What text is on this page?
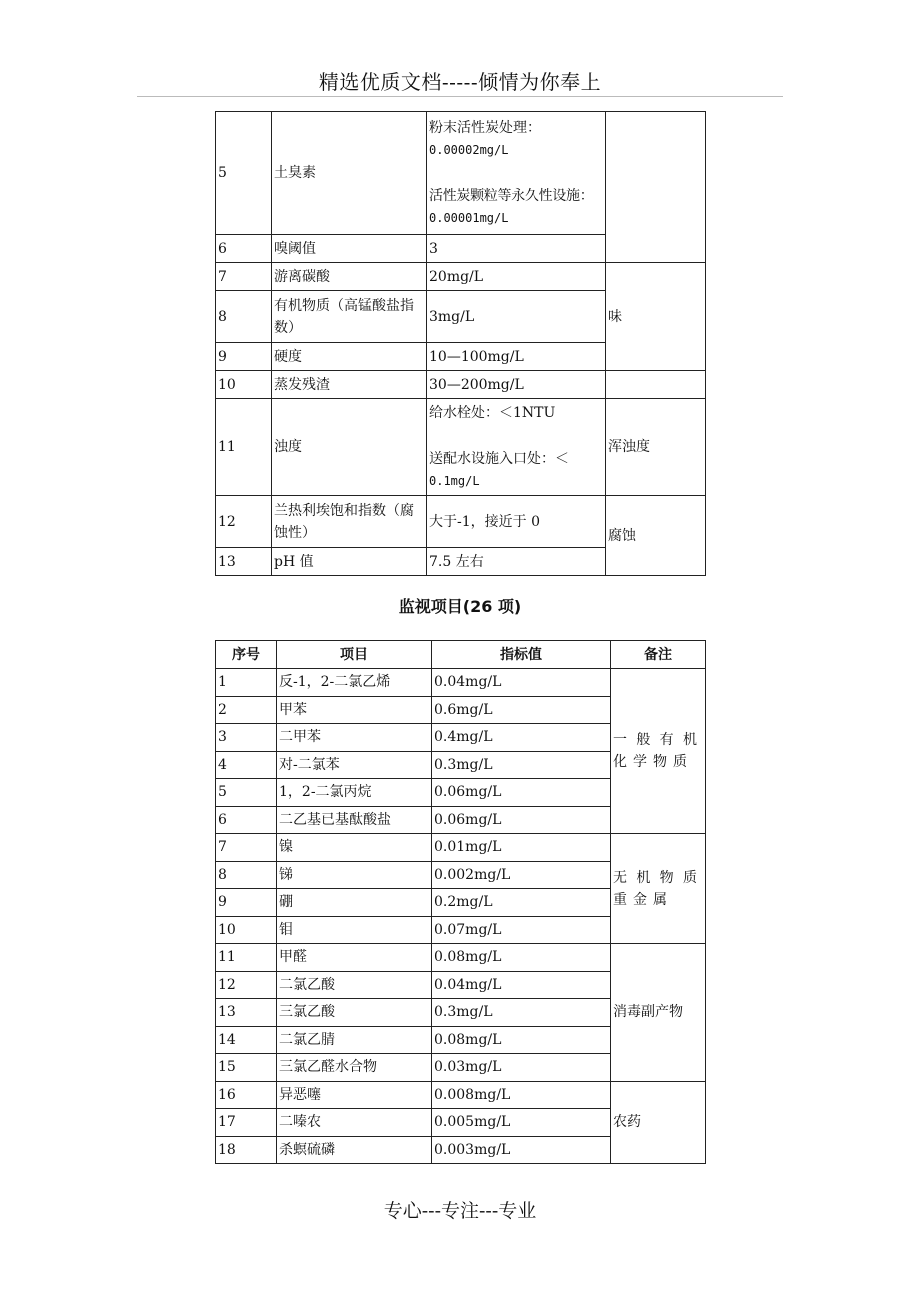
精选优质文档-----倾情为你奉上
5	土臭素	粉末活性炭处理：
0.00002mg/L
活性炭颗粒等永久性设施：
0.00001mg/L	

6	嗅阈值	3	
7	游离碳酸	20mg/L	味
8	有机物质（高锰酸盐指数）	3mg/L	
9	硬度	10—100mg/L	
10	蒸发残渣	30—200mg/L	
11	浊度	给水栓处：＜1NTU
送配水设施入口处：＜
0.1mg/L	浑浊度
12	兰热利埃饱和指数（腐蚀性）	大于-1，接近于 0	腐蚀
13	pH 值	7.5 左右	
监视项目(26 项)
序号	项目	指标值	备注
1	反-1，2-二氯乙烯	0.04mg/L	一般有机化学物质

2	甲苯	0.6mg/L	
3	二甲苯	0.4mg/L	
4	对-二氯苯	0.3mg/L	
5	1，2-二氯丙烷	0.06mg/L	
6	二乙基已基酞酸盐	0.06mg/L	
7	镍	0.01mg/L	无机物质重金属

8	锑	0.002mg/L	
9	硼	0.2mg/L	
10	钼	0.07mg/L	
11	甲醛	0.08mg/L	消毒副产物
12	二氯乙酸	0.04mg/L	
13	三氯乙酸	0.3mg/L	
14	二氯乙腈	0.08mg/L	
15	三氯乙醛水合物	0.03mg/L	
16	异恶噻	0.008mg/L	农药
17	二嗪农	0.005mg/L	
18	杀螟硫磷	0.003mg/L	
专心---专注---专业
